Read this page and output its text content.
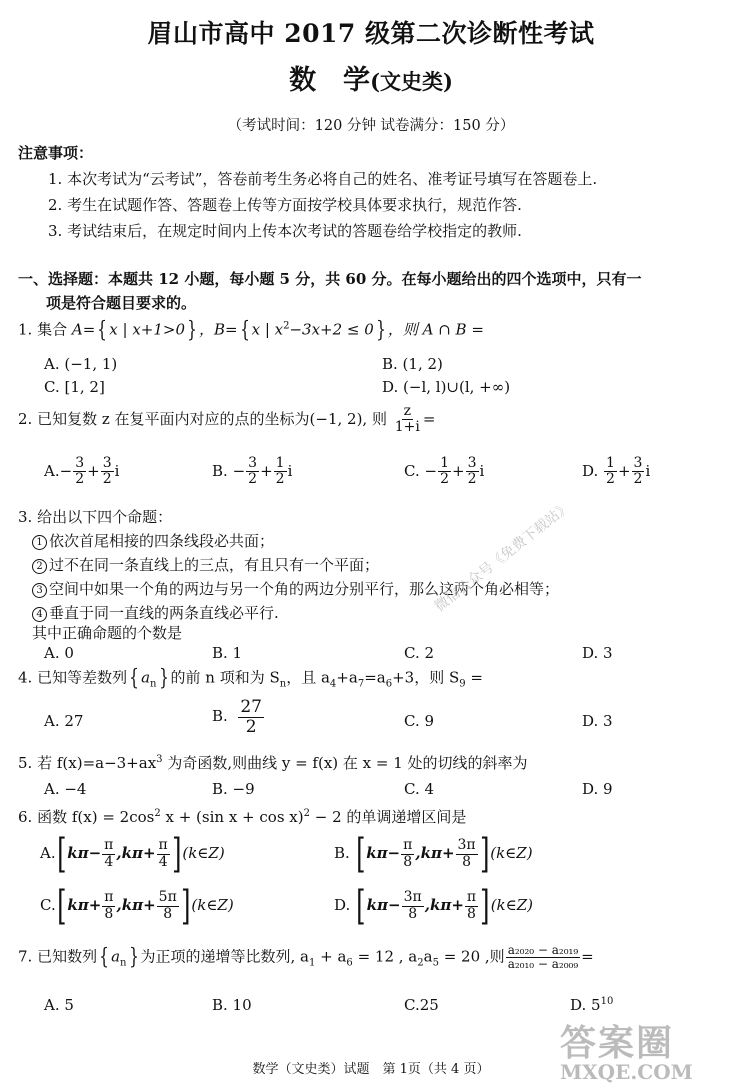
眉山市高中 2017 级第二次诊断性考试
数　学(文史类)
（考试时间：120 分钟 试卷满分：150 分）
注意事项：
1. 本次考试为“云考试”，答卷前考生务必将自己的姓名、准考证号填写在答题卷上.
2. 考生在试题作答、答题卷上传等方面按学校具体要求执行，规范作答.
3. 考试结束后，在规定时间内上传本次考试的答题卷给学校指定的教师.
一、选择题：本题共 12 小题，每小题 5 分，共 60 分。在每小题给出的四个选项中，只有一
项是符合题目要求的。
1. 集合 A={ x | x+1>0} ，B={ x | $x^2-3x+2 \le 0$} ，则 A ∩ B =
A. (−1, 1)	B. (1, 2)
C. [1, 2]	D. (−l, l)∪(l, +∞)
2. 已知复数 z 在复平面内对应的点的坐标为(−1, 2), 则 $\frac{z}{1+i}$ =
$A.- \frac{3}{2} + \frac{3}{2}$ i	B. − $\frac{3}{2} + \frac{1}{2}$ i	C. − $\frac{1}{2} + \frac{3}{2}$ i	D. $\frac{1}{2} + \frac{3}{2}$ i
3. 给出以下四个命题：
1 依次首尾相接的四条线段必共面；
2 过不在同一条直线上的三点，有且只有一个平面；
3 空间中如果一个角的两边与另一个角的两边分别平行，那么这两个角必相等；
4 垂直于同一直线的两条直线必平行.
其中正确命题的个数是
A. 0	B. 1	C. 2	D. 3
4. 已知等差数列{ $a_n$} 的前 n 项和为 $S_n$，且 $a_4+a_7=a_6+3$，则 $S_9$ =
A. 27	B. $\frac{27}{2}$	C. 9	D. 3
5. 若 $f(x)=a-3+ax^3$ 为奇函数,则曲线 y = f(x) 在 x = 1 处的切线的斜率为
A. −4	B. −9	C. 4	D. 9
6. 函数 $f(x) = 2\cos^2$ x + (sin x + cos x)$^2$ − 2 的单调递增区间是
$A.[k\pi- \frac{\pi}{4} ,k\pi+ \frac{\pi}{4}$ ](k∈Z)	B. [$k\pi- \frac{\pi}{8} ,k\pi+ \frac{3\pi}{8}$ ](k∈Z)
$C.[k\pi+ \frac{\pi}{8} ,k\pi+ \frac{5\pi}{8}$ ](k∈Z)	D. [$k\pi- \frac{3\pi}{8} ,k\pi+ \frac{\pi}{8}$ ](k∈Z)
7. 已知数列{ $a_n$} 为正项的递增等比数列, $a_1 + a_6 = 12$ , $a_2a_5 = 20$ ,则 $\frac{\text{a₂₀₂₀ − a₂₀₁₉}}{\text{a₂₀₁₀ − a₂₀₀₉}}$ =
A. 5	B. 10	C.25	D. $5^{10}$
微信公众号《免费下载站》
答案圈
MXQE.COM
数学（文史类）试题　第 1页（共 4 页）
